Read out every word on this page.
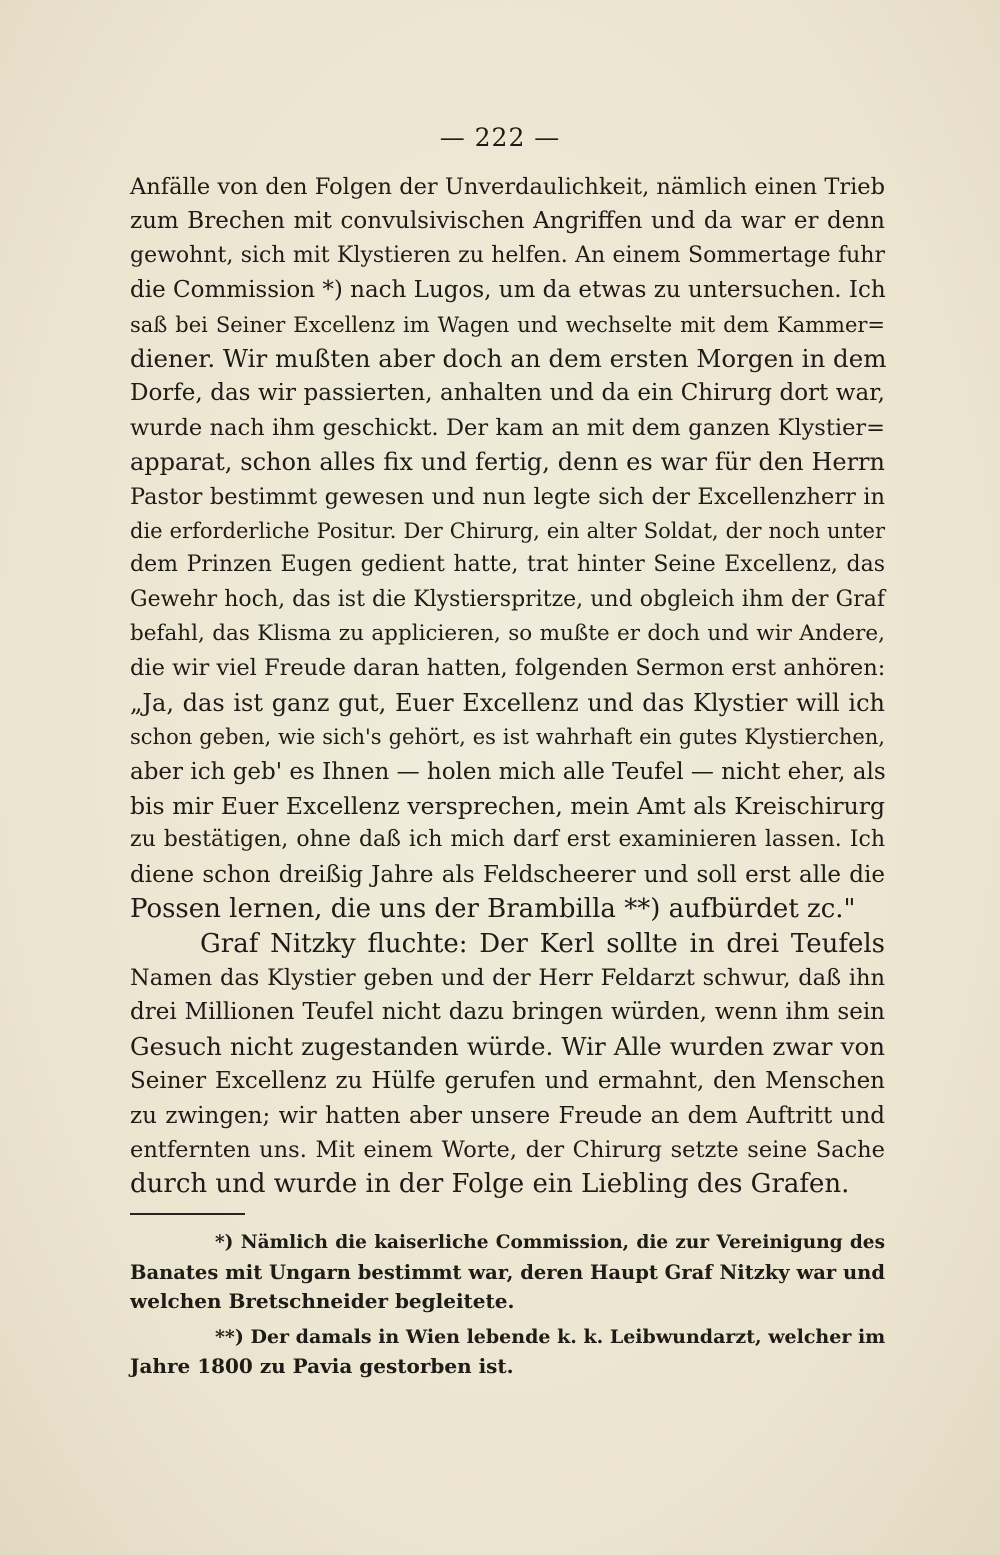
— 222 —
Anfälle von den Folgen der Unverdaulichkeit, nämlich einen Trieb
zum Brechen mit convulsivischen Angriffen und da war er denn
gewohnt, sich mit Klystieren zu helfen. An einem Sommertage fuhr
die Commission *) nach Lugos, um da etwas zu untersuchen. Ich
saß bei Seiner Excellenz im Wagen und wechselte mit dem Kammer=
diener. Wir mußten aber doch an dem ersten Morgen in dem
Dorfe, das wir passierten, anhalten und da ein Chirurg dort war,
wurde nach ihm geschickt. Der kam an mit dem ganzen Klystier=
apparat, schon alles fix und fertig, denn es war für den Herrn
Pastor bestimmt gewesen und nun legte sich der Excellenzherr in
die erforderliche Positur. Der Chirurg, ein alter Soldat, der noch unter
dem Prinzen Eugen gedient hatte, trat hinter Seine Excellenz, das
Gewehr hoch, das ist die Klystierspritze, und obgleich ihm der Graf
befahl, das Klisma zu applicieren, so mußte er doch und wir Andere,
die wir viel Freude daran hatten, folgenden Sermon erst anhören:
„Ja, das ist ganz gut, Euer Excellenz und das Klystier will ich
schon geben, wie sich's gehört, es ist wahrhaft ein gutes Klystierchen,
aber ich geb' es Ihnen — holen mich alle Teufel — nicht eher, als
bis mir Euer Excellenz versprechen, mein Amt als Kreischirurg
zu bestätigen, ohne daß ich mich darf erst examinieren lassen. Ich
diene schon dreißig Jahre als Feldscheerer und soll erst alle die
Possen lernen, die uns der Brambilla **) aufbürdet zc."
Graf Nitzky fluchte: Der Kerl sollte in drei Teufels
Namen das Klystier geben und der Herr Feldarzt schwur, daß ihn
drei Millionen Teufel nicht dazu bringen würden, wenn ihm sein
Gesuch nicht zugestanden würde. Wir Alle wurden zwar von
Seiner Excellenz zu Hülfe gerufen und ermahnt, den Menschen
zu zwingen; wir hatten aber unsere Freude an dem Auftritt und
entfernten uns. Mit einem Worte, der Chirurg setzte seine Sache
durch und wurde in der Folge ein Liebling des Grafen.
*) Nämlich die kaiserliche Commission, die zur Vereinigung des
Banates mit Ungarn bestimmt war, deren Haupt Graf Nitzky war und
welchen Bretschneider begleitete.
**) Der damals in Wien lebende k. k. Leibwundarzt, welcher im
Jahre 1800 zu Pavia gestorben ist.
